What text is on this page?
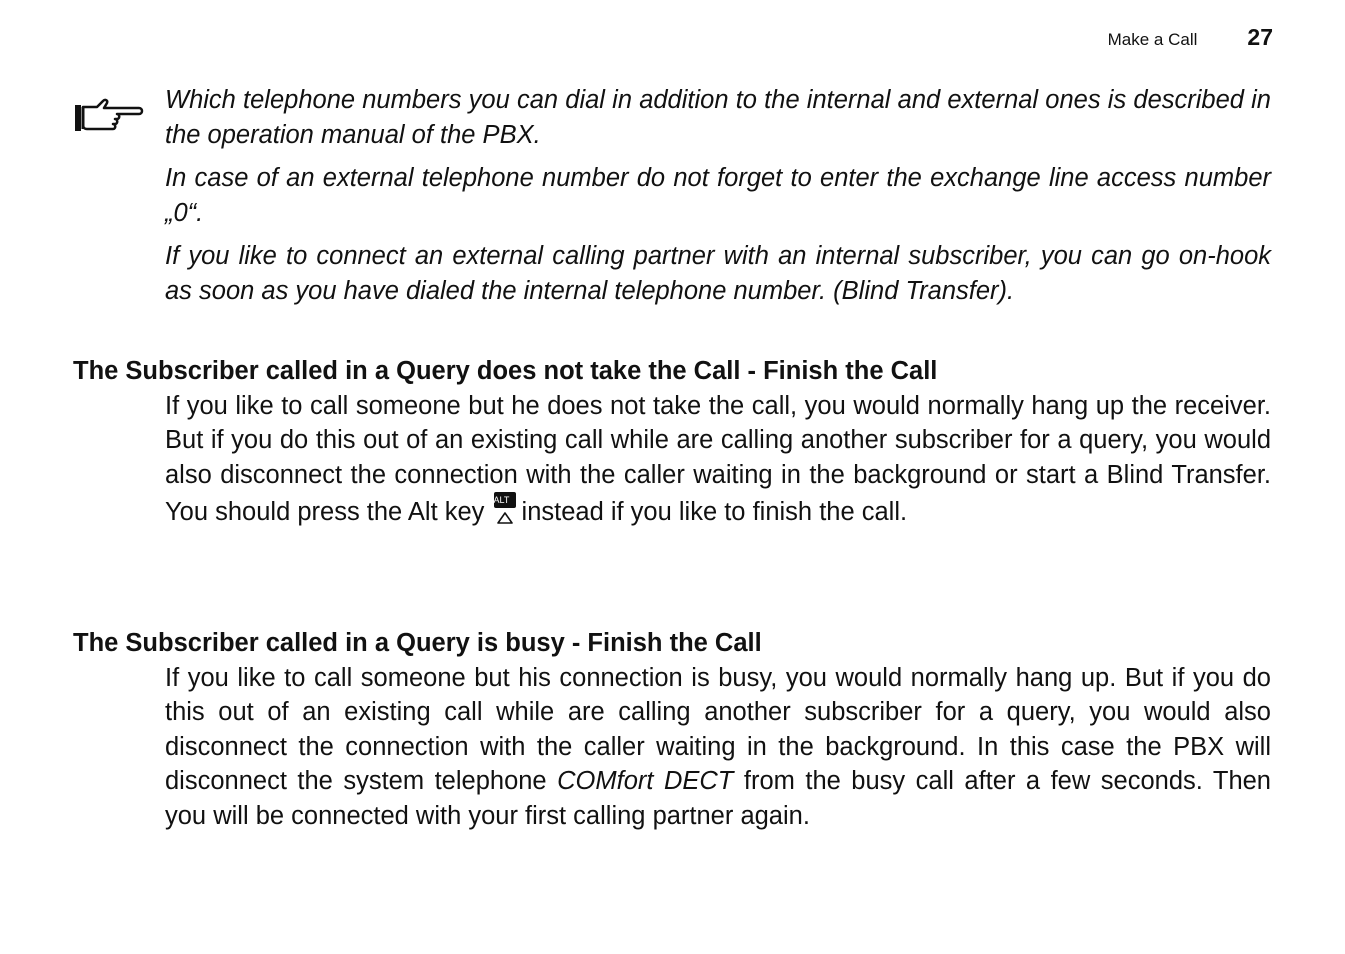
Make a Call 27

Which telephone numbers you can dial in addition to the internal and external ones is described in the operation manual of the PBX.

In case of an external telephone number do not forget to enter the exchange line access number „0“.

If you like to connect an external calling partner with an internal subscriber, you can go on-hook as soon as you have dialed the internal telephone number. (Blind Transfer).

The Subscriber called in a Query does not take the Call - Finish the Call

If you like to call someone but he does not take the call, you would normally hang up the receiver. But if you do this out of an existing call while are calling another subscriber for a query, you would also disconnect the connection with the caller waiting in the background or start a Blind Transfer. You should press the Alt key ALT instead if you like to finish the call.

The Subscriber called in a Query is busy - Finish the Call

If you like to call someone but his connection is busy, you would normally hang up. But if you do this out of an existing call while are calling another subscriber for a query, you would also disconnect the connection with the caller waiting in the background. In this case the PBX will disconnect the system telephone COMfort DECT from the busy call after a few seconds. Then you will be connected with your first calling partner again.
